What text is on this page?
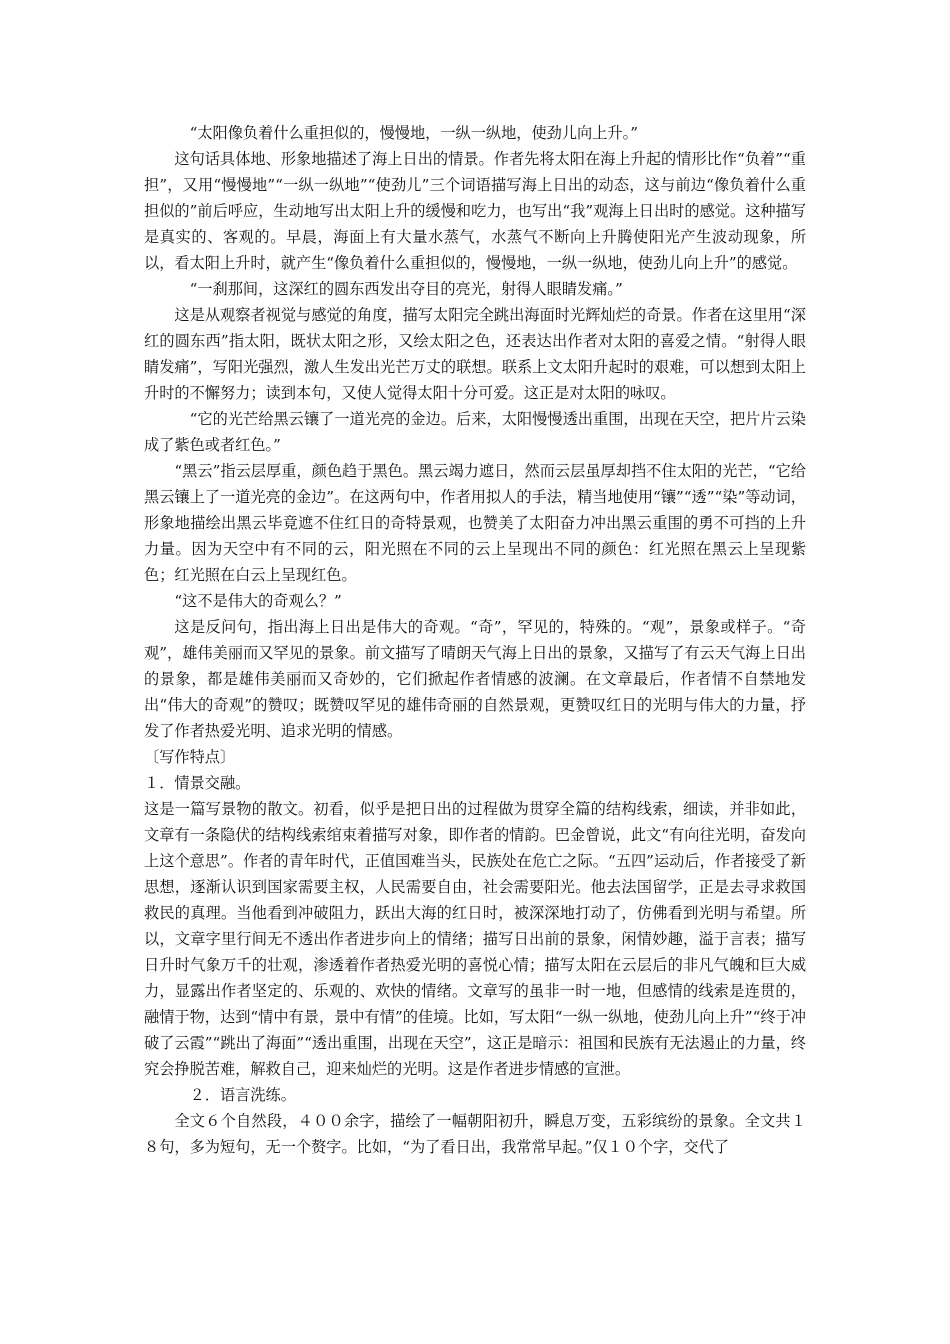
“太阳像负着什么重担似的，慢慢地，一纵一纵地，使劲儿向上升。”

这句话具体地、形象地描述了海上日出的情景。作者先将太阳在海上升起的情形比作“负着”“重担”，又用“慢慢地”“一纵一纵地”“使劲儿”三个词语描写海上日出的动态，这与前边“像负着什么重担似的”前后呼应，生动地写出太阳上升的缓慢和吃力，也写出“我”观海上日出时的感觉。这种描写是真实的、客观的。早晨，海面上有大量水蒸气，水蒸气不断向上升腾使阳光产生波动现象，所以，看太阳上升时，就产生“像负着什么重担似的，慢慢地，一纵一纵地，使劲儿向上升”的感觉。

“一刹那间，这深红的圆东西发出夺目的亮光，射得人眼睛发痛。”

这是从观察者视觉与感觉的角度，描写太阳完全跳出海面时光辉灿烂的奇景。作者在这里用“深红的圆东西”指太阳，既状太阳之形，又绘太阳之色，还表达出作者对太阳的喜爱之情。“射得人眼睛发痛”，写阳光强烈，激人生发出光芒万丈的联想。联系上文太阳升起时的艰难，可以想到太阳上升时的不懈努力；读到本句，又使人觉得太阳十分可爱。这正是对太阳的咏叹。

“它的光芒给黑云镶了一道光亮的金边。后来，太阳慢慢透出重围，出现在天空，把片片云染成了紫色或者红色。”

“黑云”指云层厚重，颜色趋于黑色。黑云竭力遮日，然而云层虽厚却挡不住太阳的光芒，“它给黑云镶上了一道光亮的金边”。在这两句中，作者用拟人的手法，精当地使用“镶”“透”“染”等动词，形象地描绘出黑云毕竟遮不住红日的奇特景观，也赞美了太阳奋力冲出黑云重围的勇不可挡的上升力量。因为天空中有不同的云，阳光照在不同的云上呈现出不同的颜色：红光照在黑云上呈现紫色；红光照在白云上呈现红色。

“这不是伟大的奇观么？”

这是反问句，指出海上日出是伟大的奇观。“奇”，罕见的，特殊的。“观”，景象或样子。“奇观”，雄伟美丽而又罕见的景象。前文描写了晴朗天气海上日出的景象，又描写了有云天气海上日出的景象，都是雄伟美丽而又奇妙的，它们掀起作者情感的波澜。在文章最后，作者情不自禁地发出“伟大的奇观”的赞叹；既赞叹罕见的雄伟奇丽的自然景观，更赞叹红日的光明与伟大的力量，抒发了作者热爱光明、追求光明的情感。

〔写作特点〕

１．情景交融。

这是一篇写景物的散文。初看，似乎是把日出的过程做为贯穿全篇的结构线索，细读，并非如此，文章有一条隐伏的结构线索绾束着描写对象，即作者的情韵。巴金曾说，此文“有向往光明，奋发向上这个意思”。作者的青年时代，正值国难当头，民族处在危亡之际。“五四”运动后，作者接受了新思想，逐渐认识到国家需要主权，人民需要自由，社会需要阳光。他去法国留学，正是去寻求救国救民的真理。当他看到冲破阻力，跃出大海的红日时，被深深地打动了，仿佛看到光明与希望。所以，文章字里行间无不透出作者进步向上的情绪；描写日出前的景象，闲情妙趣，溢于言表；描写日升时气象万千的壮观，渗透着作者热爱光明的喜悦心情；描写太阳在云层后的非凡气魄和巨大威力，显露出作者坚定的、乐观的、欢快的情绪。文章写的虽非一时一地，但感情的线索是连贯的，融情于物，达到“情中有景，景中有情”的佳境。比如，写太阳“一纵一纵地，使劲儿向上升”“终于冲破了云霞”“跳出了海面”“透出重围，出现在天空”，这正是暗示：祖国和民族有无法遏止的力量，终究会挣脱苦难，解救自己，迎来灿烂的光明。这是作者进步情感的宣泄。

２．语言洗练。

全文６个自然段，４００余字，描绘了一幅朝阳初升，瞬息万变，五彩缤纷的景象。全文共１８句，多为短句，无一个赘字。比如，“为了看日出，我常常早起。”仅１０个字，交代了
